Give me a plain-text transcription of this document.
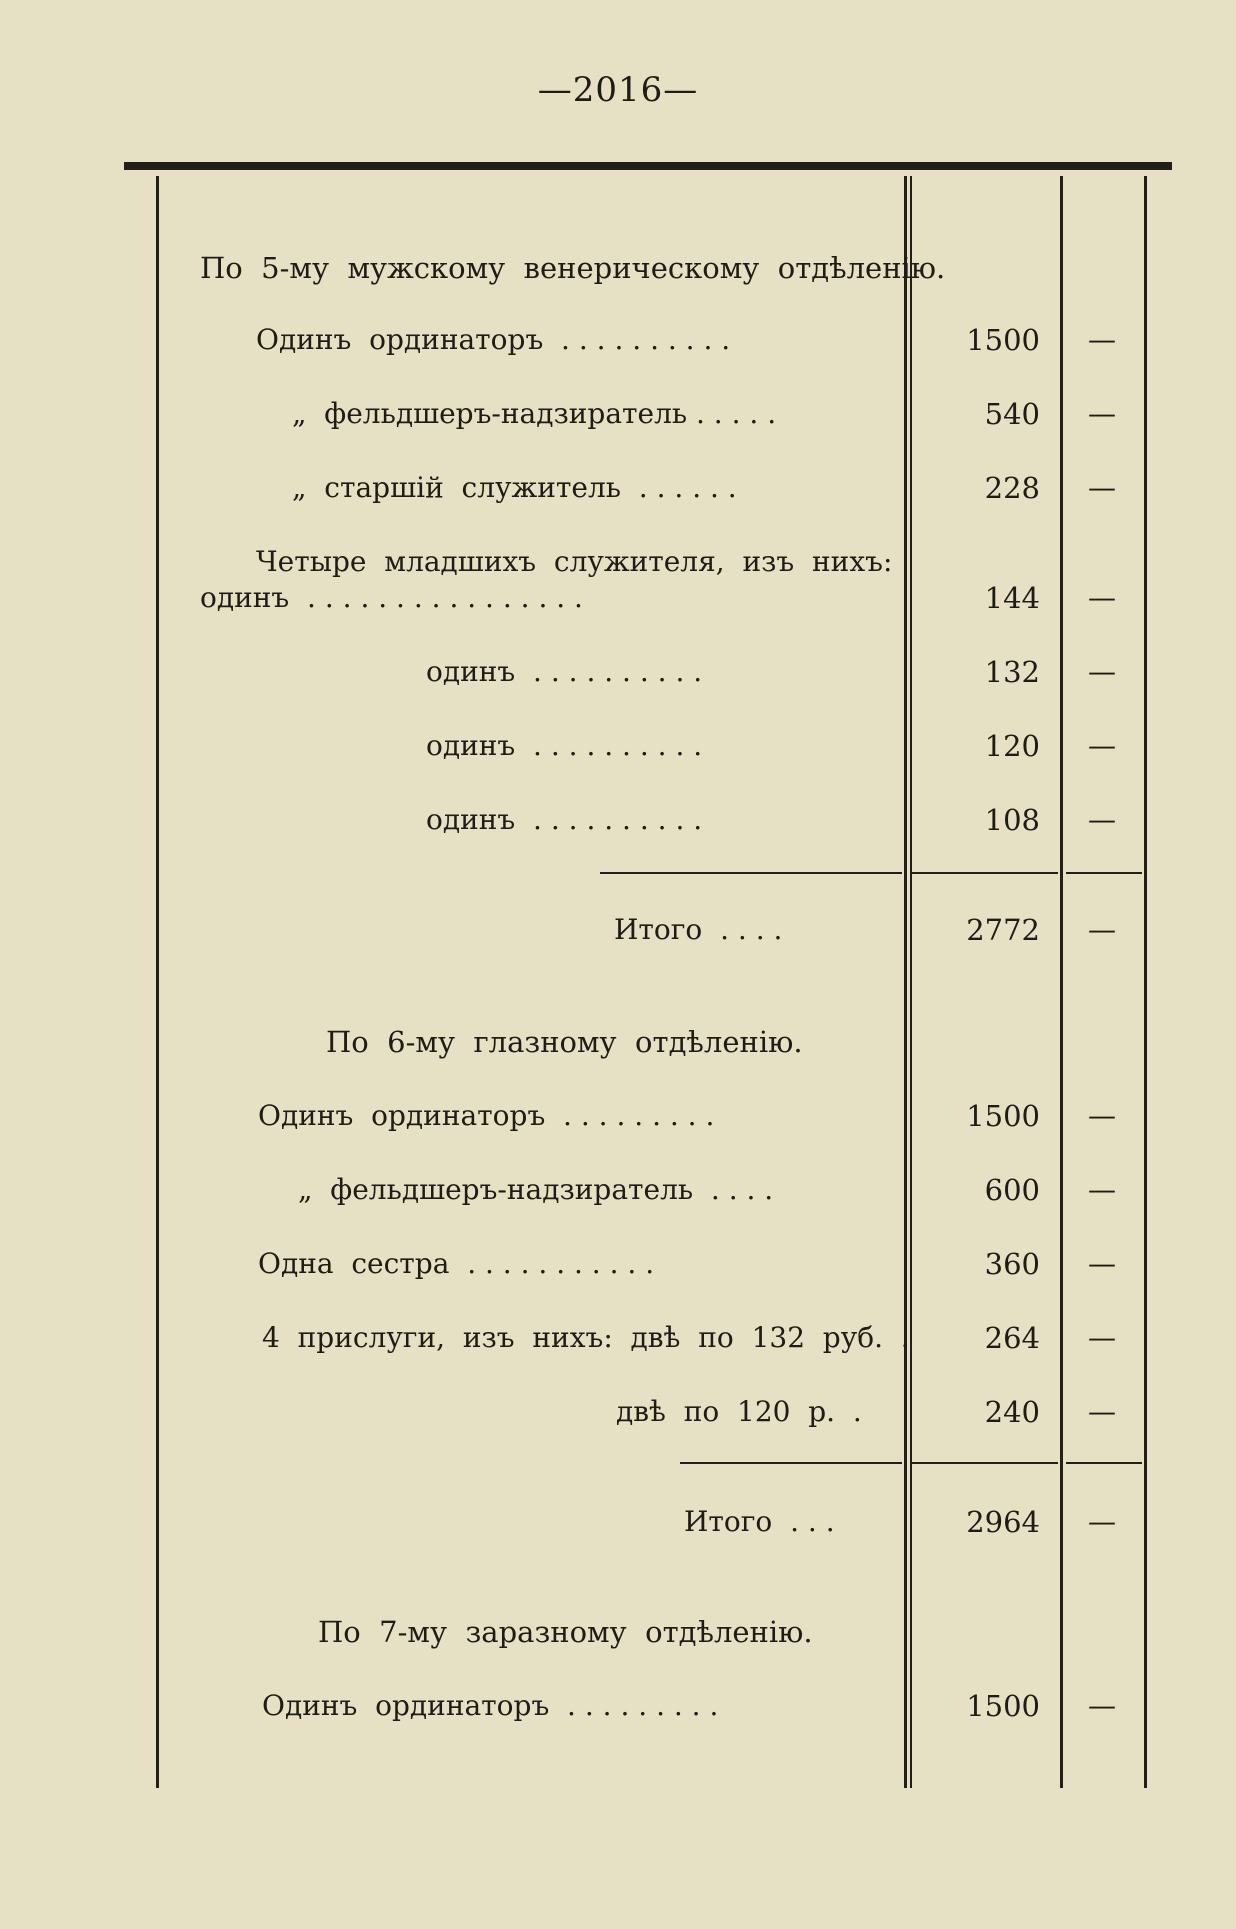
—2016—
По  5-му  мужскому  венерическому  отдѣленію.
Одинъ  ординаторъ  . . . . . . . . . .	1500	—
„  фельдшеръ-надзиратель . . . . .	540	—
„  старшій  служитель  . . . . . .	228	—
Четыре  младшихъ  служителя,  изъ  нихъ:
одинъ  . . . . . . . . . . . . . . . .	144	—
одинъ  . . . . . . . . . .	132	—
одинъ  . . . . . . . . . .	120	—
одинъ  . . . . . . . . . .	108	—
Итого  . . . .	2772	—
По  6-му  глазному  отдѣленію.
Одинъ  ординаторъ  . . . . . . . . .	1500	—
„  фельдшеръ-надзиратель  . . . .	600	—
Одна  сестра  . . . . . . . . . . .	360	—
4  прислуги,  изъ  нихъ:  двѣ  по  132  руб.  .	264	—
двѣ  по  120  р.  .	240	—
Итого  . . .	2964	—
По  7-му  заразному  отдѣленію.
Одинъ  ординаторъ  . . . . . . . . .	1500	—
